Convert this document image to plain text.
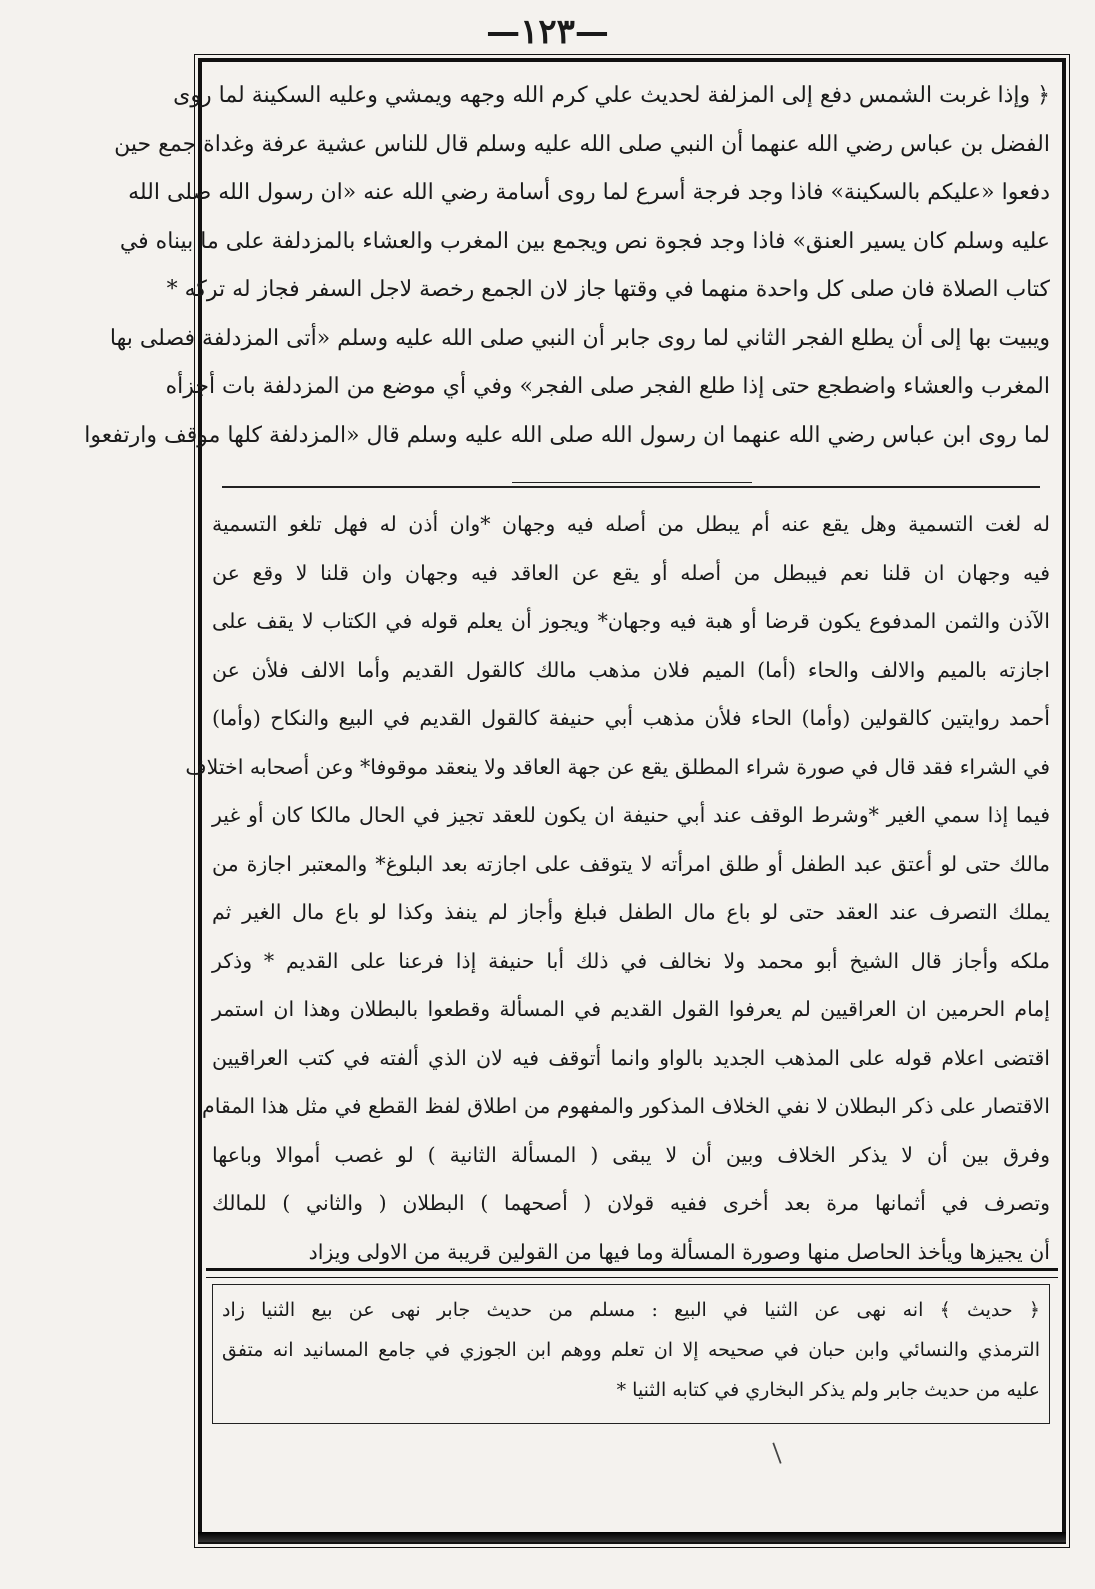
—١٢٣—
﴿ وإذا غربت الشمس دفع إلى المزلفة لحديث علي كرم الله وجهه ويمشي وعليه السكينة لما روى
الفضل بن عباس رضي الله عنهما أن النبي صلى الله عليه وسلم قال للناس عشية عرفة وغداة جمع حين
دفعوا «عليكم بالسكينة» فاذا وجد فرجة أسرع لما روى أسامة رضي الله عنه «ان رسول الله صلى الله
عليه وسلم كان يسير العنق» فاذا وجد فجوة نص ويجمع بين المغرب والعشاء بالمزدلفة على ما بيناه في
كتاب الصلاة فان صلى كل واحدة منهما في وقتها جاز لان الجمع رخصة لاجل السفر فجاز له تركه *
ويبيت بها إلى أن يطلع الفجر الثاني لما روى جابر أن النبي صلى الله عليه وسلم «أتى المزدلفة فصلى بها
المغرب والعشاء واضطجع حتى إذا طلع الفجر صلى الفجر» وفي أي موضع من المزدلفة بات أجزأه
لما روى ابن عباس رضي الله عنهما ان رسول الله صلى الله عليه وسلم قال «المزدلفة كلها موقف وارتفعوا
له لغت التسمية وهل يقع عنه أم يبطل من أصله فيه وجهان *وان أذن له فهل تلغو التسمية
فيه وجهان ان قلنا نعم فيبطل من أصله أو يقع عن العاقد فيه وجهان وان قلنا لا وقع عن
الآذن والثمن المدفوع يكون قرضا أو هبة فيه وجهان* ويجوز أن يعلم قوله في الكتاب لا يقف على
اجازته بالميم والالف والحاء (أما) الميم فلان مذهب مالك كالقول القديم وأما الالف فلأن عن
أحمد روايتين كالقولين (وأما) الحاء فلأن مذهب أبي حنيفة كالقول القديم في البيع والنكاح (وأما)
في الشراء فقد قال في صورة شراء المطلق يقع عن جهة العاقد ولا ينعقد موقوفا* وعن أصحابه اختلاف
فيما إذا سمي الغير *وشرط الوقف عند أبي حنيفة ان يكون للعقد تجيز في الحال مالكا كان أو غير
مالك حتى لو أعتق عبد الطفل أو طلق امرأته لا يتوقف على اجازته بعد البلوغ* والمعتبر اجازة من
يملك التصرف عند العقد حتى لو باع مال الطفل فبلغ وأجاز لم ينفذ وكذا لو باع مال الغير ثم
ملكه وأجاز قال الشيخ أبو محمد ولا نخالف في ذلك أبا حنيفة إذا فرعنا على القديم * وذكر
إمام الحرمين ان العراقيين لم يعرفوا القول القديم في المسألة وقطعوا بالبطلان وهذا ان استمر
اقتضى اعلام قوله على المذهب الجديد بالواو وانما أتوقف فيه لان الذي ألفته في كتب العراقيين
الاقتصار على ذكر البطلان لا نفي الخلاف المذكور والمفهوم من اطلاق لفظ القطع في مثل هذا المقام
وفرق بين أن لا يذكر الخلاف وبين أن لا يبقى ( المسألة الثانية ) لو غصب أموالا وباعها
وتصرف في أثمانها مرة بعد أخرى ففيه قولان ( أصحهما ) البطلان ( والثاني ) للمالك
أن يجيزها ويأخذ الحاصل منها وصورة المسألة وما فيها من القولين قريبة من الاولى ويزاد
﴿ حديث ﴾ انه نهى عن الثنيا في البيع : مسلم من حديث جابر نهى عن بيع الثنيا زاد
الترمذي والنسائي وابن حبان في صحيحه إلا ان تعلم ووهم ابن الجوزي في جامع المسانيد انه متفق
عليه من حديث جابر ولم يذكر البخاري في كتابه الثنيا *
|
